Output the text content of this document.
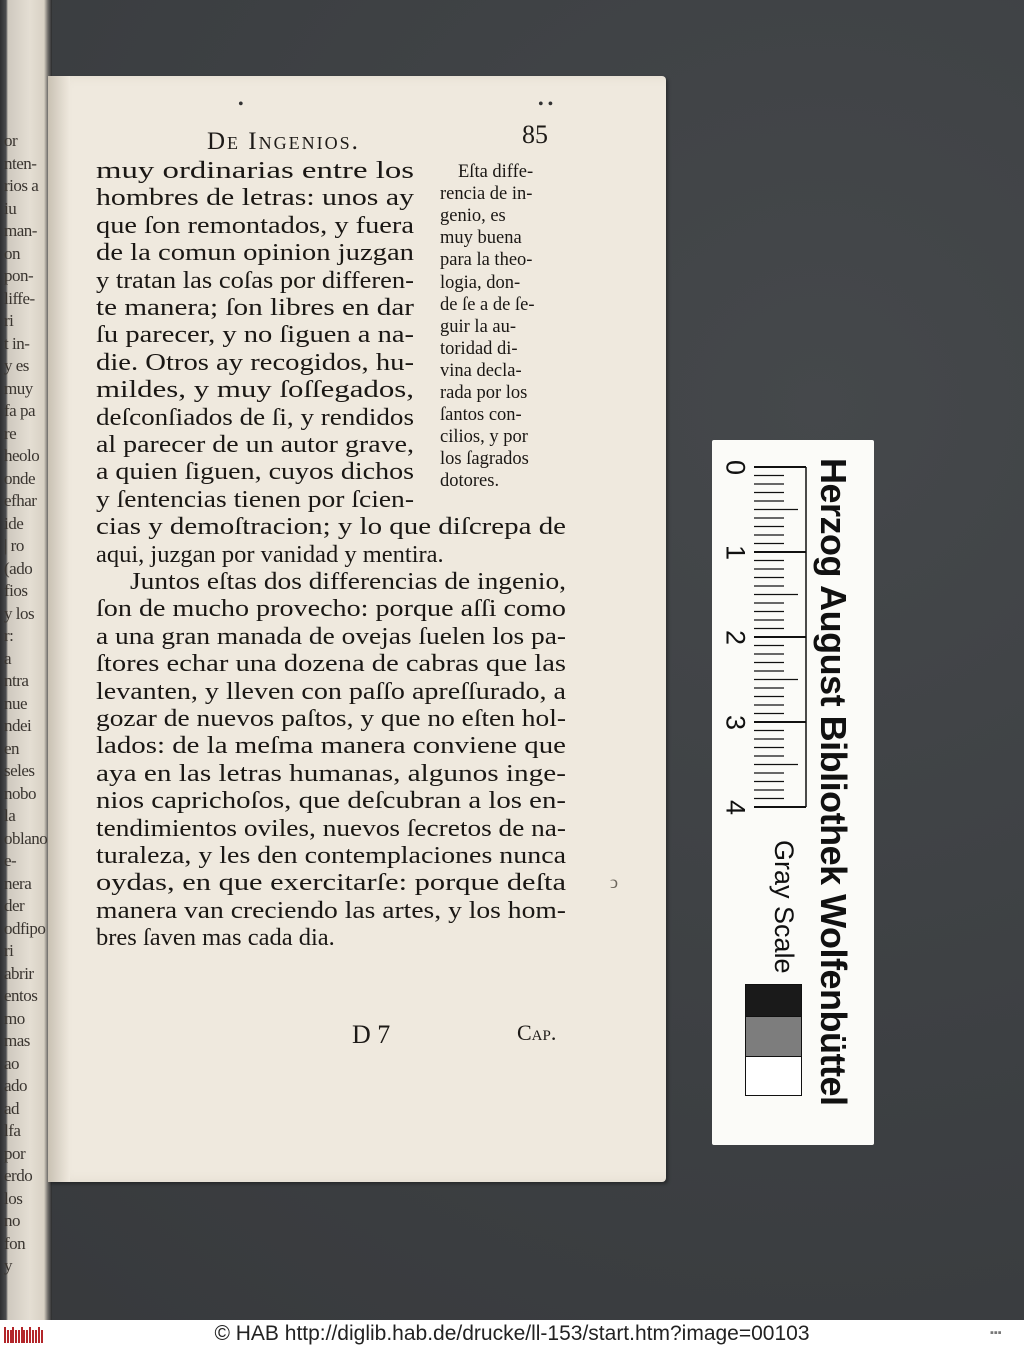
or
nten-
rios a
iu
man-
on
pon-
liffe-
ri
t in-
y es
muy
fa pa
re
heolo
onde
efhar
ide
| ro
(ado
fios
y los
r:
a
ntra
nue
ndei
en
seles
nobo
la
oblano
e-
nera
der
odfipo
ri
abrir
entos
mo
mas
ao
ado
ad
lfa
por
erdo
los
no
fon
y
•	• •
De Ingenios.	85
muy ordinarias entre los
hombres de letras: unos ay
que ſon remontados, y fuera
de la comun opinion juzgan
y tratan las coſas por differen-
te manera; ſon libres en dar
ſu parecer, y no ſiguen a na-
die. Otros ay recogidos, hu-
mildes, y muy ſoſſegados,
deſconſiados de ſi, y rendidos
al parecer de un autor grave,
a quien ſiguen, cuyos dichos
y ſentencias tienen por ſcien-
cias y demoſtracion; y lo que diſcrepa de
aqui, juzgan por vanidad y mentira.
Juntos eſtas dos differencias de ingenio,
ſon de mucho provecho: porque aſſi como
a una gran manada de ovejas ſuelen los pa-
ſtores echar una dozena de cabras que las
levanten, y lleven con paſſo apreſſurado, a
gozar de nuevos paſtos, y que no eſten hol-
lados: de la meſma manera conviene que
aya en las letras humanas, algunos inge-
nios caprichoſos, que deſcubran a los en-
tendimientos oviles, nuevos ſecretos de na-
turaleza, y les den contemplaciones nunca
oydas, en que exercitarſe: porque deſta
manera van creciendo las artes, y los hom-
bres ſaven mas cada dia.
Eſta diffe-
rencia de in-
genio, es
muy buena
para la theo-
logia, don-
de ſe a de ſe-
guir la au-
toridad di-
vina decla-
rada por los
ſantos con-
cilios, y por
los ſagrados
dotores.
D 7	Cap.
ↄ
0
1
2
3
4
Gray Scale Herzog August Bibliothek Wolfenbüttel
© HAB http://diglib.hab.de/drucke/ll-153/start.htm?image=00103	▪▪▪
